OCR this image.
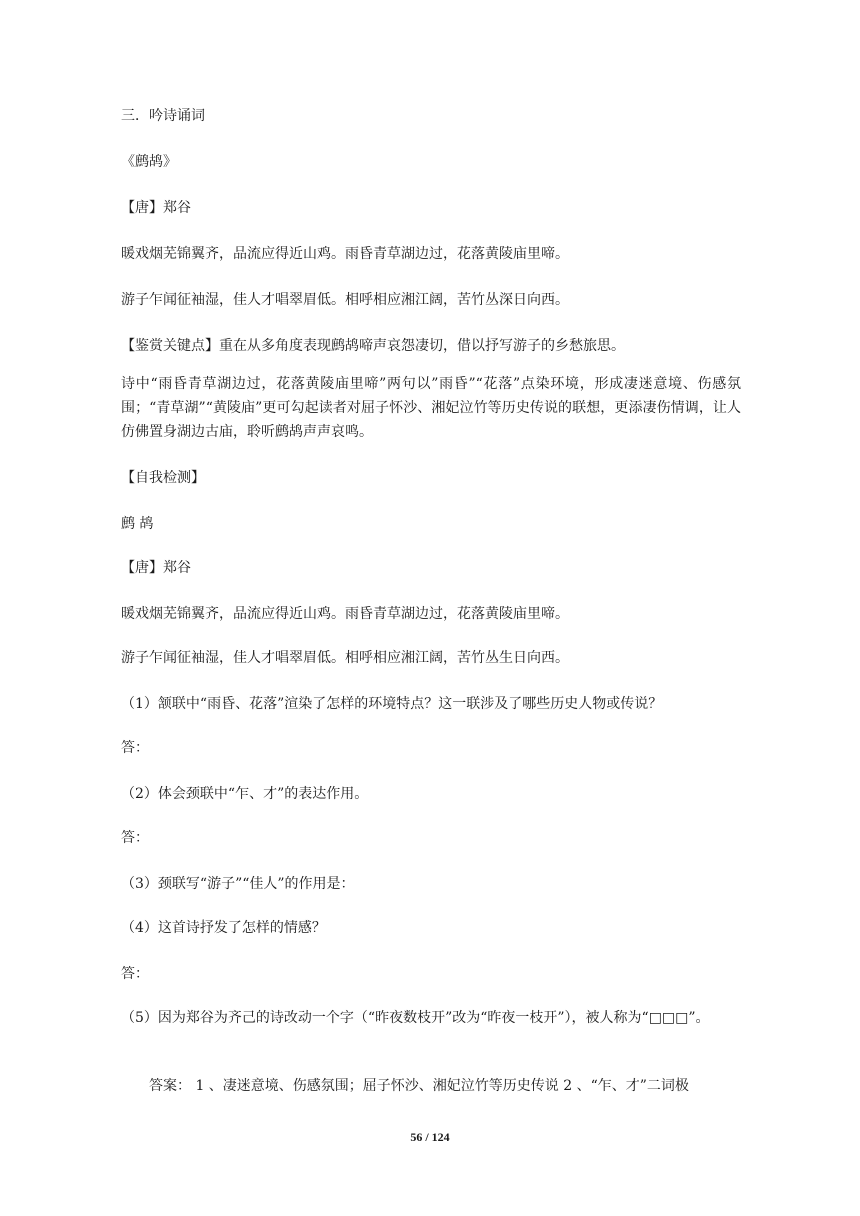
三．吟诗诵词

《鹧鸪》

【唐】郑谷

暖戏烟芜锦翼齐，品流应得近山鸡。雨昏青草湖边过，花落黄陵庙里啼。

游子乍闻征袖湿，佳人才唱翠眉低。相呼相应湘江阔，苦竹丛深日向西。

【鉴赏关键点】重在从多角度表现鹧鸪啼声哀怨凄切，借以抒写游子的乡愁旅思。

诗中“雨昏青草湖边过，花落黄陵庙里啼”两句以”雨昏”“花落”点染环境，形成凄迷意境、伤感氛围；“青草湖”“黄陵庙”更可勾起读者对屈子怀沙、湘妃泣竹等历史传说的联想，更添凄伤情调，让人仿佛置身湖边古庙，聆听鹧鸪声声哀鸣。

【自我检测】

鹧 鸪

【唐】郑谷

暖戏烟芜锦翼齐，品流应得近山鸡。雨昏青草湖边过，花落黄陵庙里啼。

游子乍闻征袖湿，佳人才唱翠眉低。相呼相应湘江阔，苦竹丛生日向西。

（1）颔联中“雨昏、花落”渲染了怎样的环境特点？这一联涉及了哪些历史人物或传说？

答：

（2）体会颈联中“乍、才”的表达作用。

答：

（3）颈联写“游子”“佳人”的作用是：

（4）这首诗抒发了怎样的情感？

答：

（5）因为郑谷为齐己的诗改动一个字（“昨夜数枝开”改为“昨夜一枝开”），被人称为“□□□”。

答案： 1 、凄迷意境、伤感氛围；屈子怀沙、湘妃泣竹等历史传说 2 、“乍、才”二词极

56 / 124
